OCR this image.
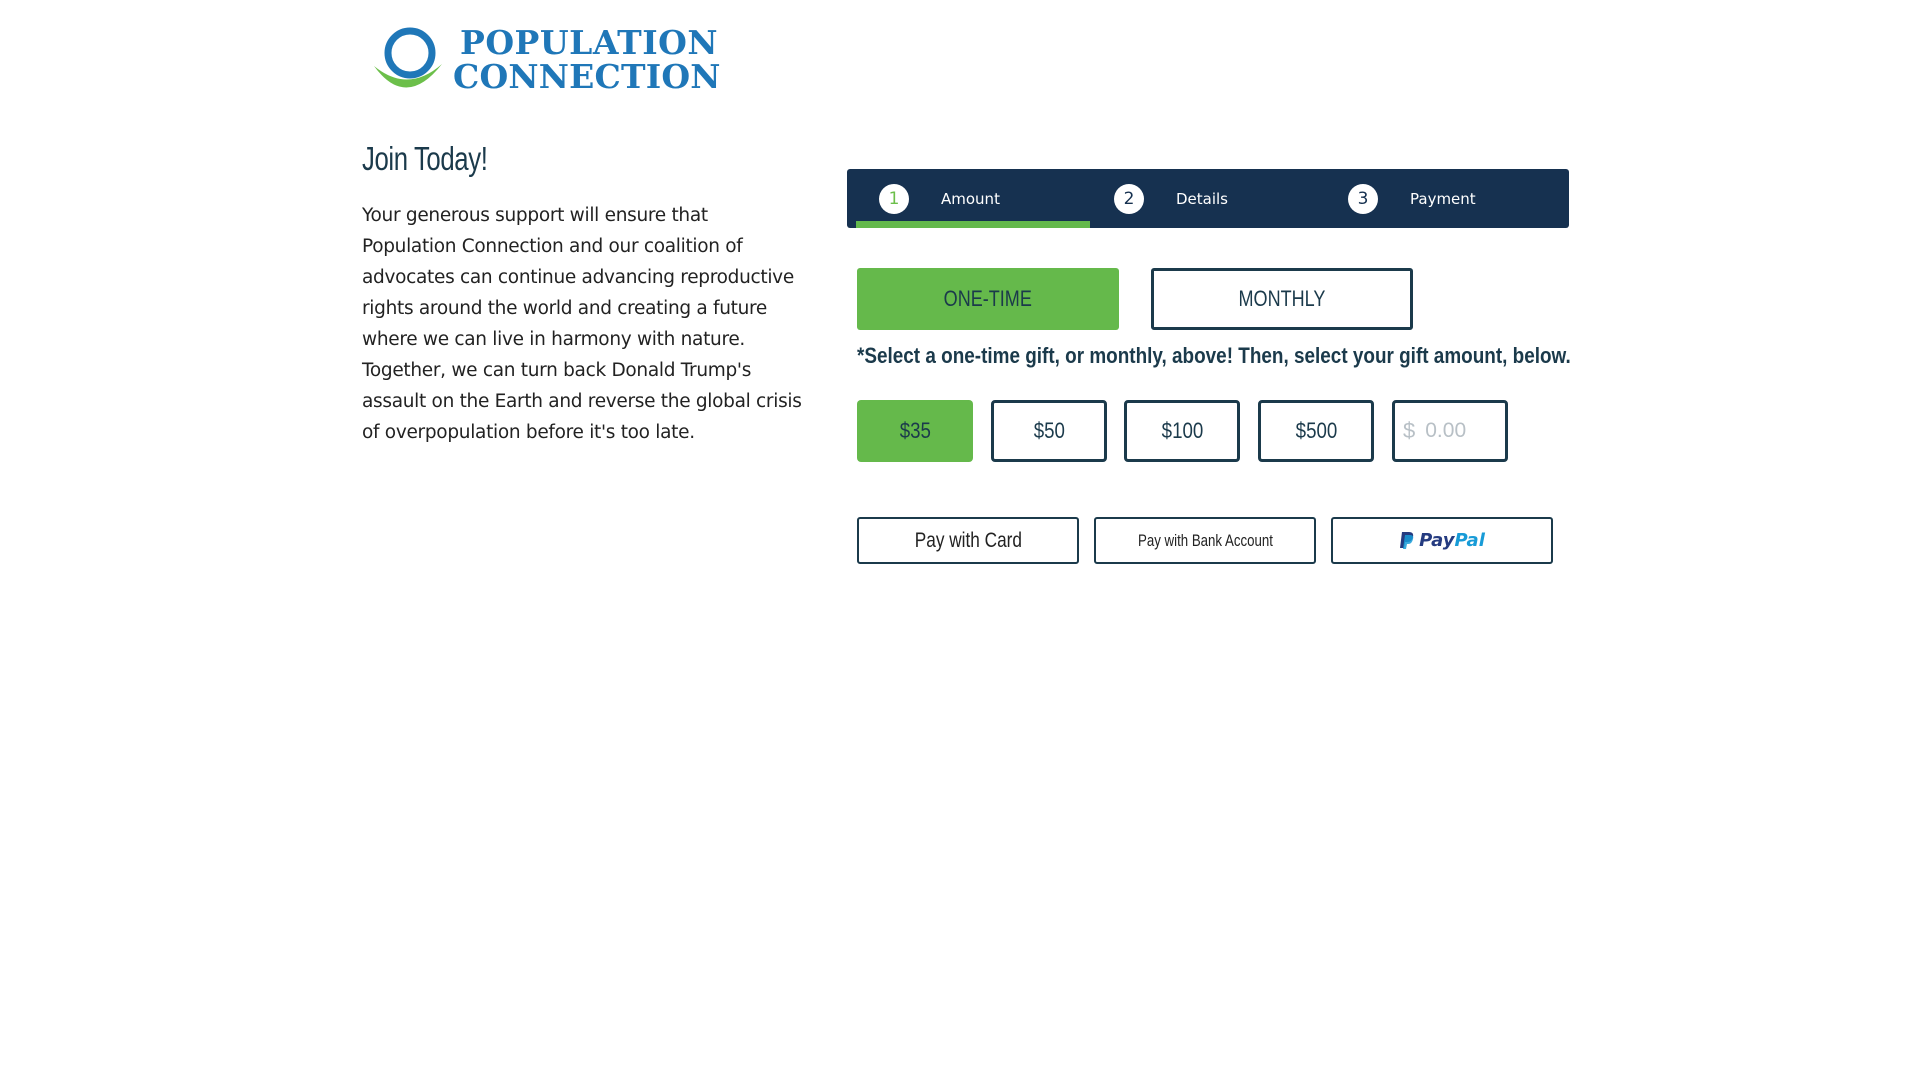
POPULATION
CONNECTION
Join Today!

Your generous support will ensure that Population Connection and our coalition of advocates can continue advancing reproductive rights around the world and creating a future where we can live in harmony with nature. Together, we can turn back Donald Trump's assault on the Earth and reverse the global crisis of overpopulation before it's too late.

1	Amount	2	Details	3	Payment
ONE-TIME	MONTHLY
*Select a one-time gift, or monthly, above! Then, select your gift amount, below.
$35	$50	$100	$500	$
0.00
Pay with Card	Pay with Bank Account	Pay Pal
